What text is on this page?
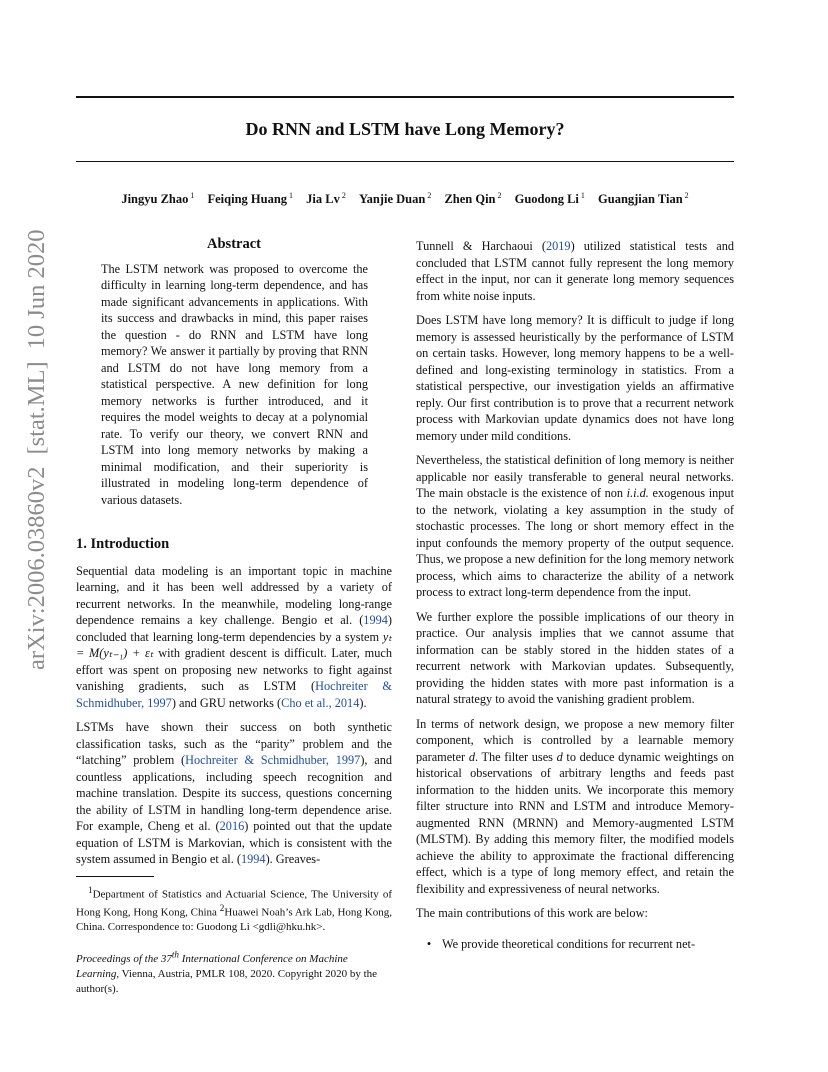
arXiv:2006.03860v2[stat.ML]10 Jun 2020
Do RNN and LSTM have Long Memory?
Jingyu Zhao $^1$ Feiqing Huang $^1$ Jia Lv $^2$ Yanjie Duan $^2$ Zhen Qin $^2$ Guodong Li $^1$ Guangjian Tian $^2$
Abstract

The LSTM network was proposed to overcome the difficulty in learning long-term dependence, and has made significant advancements in applications. With its success and drawbacks in mind, this paper raises the question - do RNN and LSTM have long memory? We answer it partially by proving that RNN and LSTM do not have long memory from a statistical perspective. A new definition for long memory networks is further introduced, and it requires the model weights to decay at a polynomial rate. To verify our theory, we convert RNN and LSTM into long memory networks by making a minimal modification, and their superiority is illustrated in modeling long-term dependence of various datasets.

1. Introduction

Sequential data modeling is an important topic in machine learning, and it has been well addressed by a variety of recurrent networks. In the meanwhile, modeling long-range dependence remains a key challenge. Bengio et al. (1994) concluded that learning long-term dependencies by a system yₜ = M(yₜ₋₁) + εₜ with gradient descent is difficult. Later, much effort was spent on proposing new networks to fight against vanishing gradients, such as LSTM (Hochreiter & Schmidhuber, 1997) and GRU networks (Cho et al., 2014).

LSTMs have shown their success on both synthetic classification tasks, such as the “parity” problem and the “latching” problem (Hochreiter & Schmidhuber, 1997), and countless applications, including speech recognition and machine translation. Despite its success, questions concerning the ability of LSTM in handling long-term dependence arise. For example, Cheng et al. (2016) pointed out that the update equation of LSTM is Markovian, which is consistent with the system assumed in Bengio et al. (1994). Greaves-

$^1$Department of Statistics and Actuarial Science, The University of Hong Kong, Hong Kong, China $^2$Huawei Noah’s Ark Lab, Hong Kong, China. Correspondence to: Guodong Li <gdli@hku.hk>.

Proceedings of the 37th International Conference on Machine Learning, Vienna, Austria, PMLR 108, 2020. Copyright 2020 by the author(s).

Tunnell & Harchaoui (2019) utilized statistical tests and concluded that LSTM cannot fully represent the long memory effect in the input, nor can it generate long memory sequences from white noise inputs.

Does LSTM have long memory? It is difficult to judge if long memory is assessed heuristically by the performance of LSTM on certain tasks. However, long memory happens to be a well-defined and long-existing terminology in statistics. From a statistical perspective, our investigation yields an affirmative reply. Our first contribution is to prove that a recurrent network process with Markovian update dynamics does not have long memory under mild conditions.

Nevertheless, the statistical definition of long memory is neither applicable nor easily transferable to general neural networks. The main obstacle is the existence of non i.i.d. exogenous input to the network, violating a key assumption in the study of stochastic processes. The long or short memory effect in the input confounds the memory property of the output sequence. Thus, we propose a new definition for the long memory network process, which aims to characterize the ability of a network process to extract long-term dependence from the input.

We further explore the possible implications of our theory in practice. Our analysis implies that we cannot assume that information can be stably stored in the hidden states of a recurrent network with Markovian updates. Subsequently, providing the hidden states with more past information is a natural strategy to avoid the vanishing gradient problem.

In terms of network design, we propose a new memory filter component, which is controlled by a learnable memory parameter d. The filter uses d to deduce dynamic weightings on historical observations of arbitrary lengths and feeds past information to the hidden units. We incorporate this memory filter structure into RNN and LSTM and introduce Memory-augmented RNN (MRNN) and Memory-augmented LSTM (MLSTM). By adding this memory filter, the modified models achieve the ability to approximate the fractional differencing effect, which is a type of long memory effect, and retain the flexibility and expressiveness of neural networks.

The main contributions of this work are below:

• We provide theoretical conditions for recurrent net-
